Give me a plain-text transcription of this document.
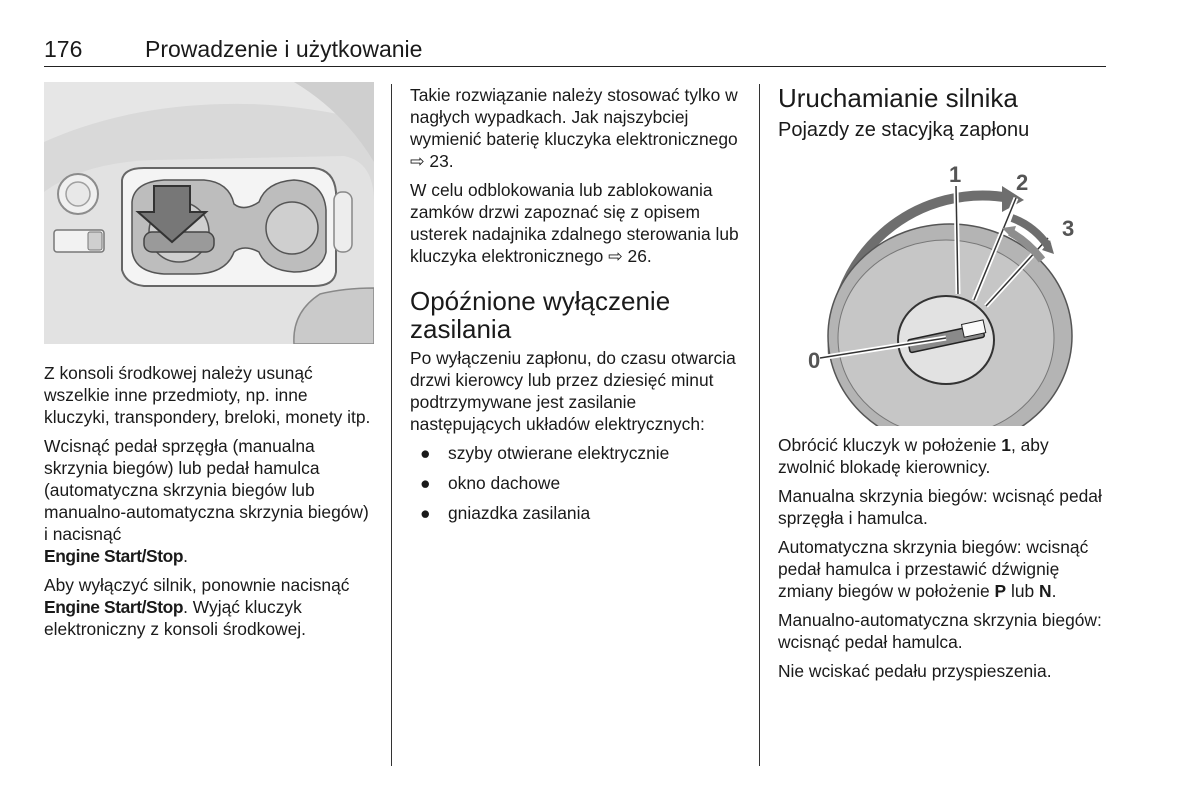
176	Prowadzenie i użytkowanie

Z konsoli środkowej należy usunąć wszelkie inne przedmioty, np. inne kluczyki, transpondery, breloki, monety itp.

Wcisnąć pedał sprzęgła (manualna skrzynia biegów) lub pedał hamulca (automatyczna skrzynia biegów lub manualno-automatyczna skrzynia biegów) i nacisnąć
Engine Start/Stop.

Aby wyłączyć silnik, ponownie nacisnąć Engine Start/Stop. Wyjąć kluczyk elektroniczny z konsoli środkowej.

Takie rozwiązanie należy stosować tylko w nagłych wypadkach. Jak najszybciej wymienić baterię kluczyka elektronicznego ⇨ 23.

W celu odblokowania lub zablokowania zamków drzwi zapoznać się z opisem usterek nadajnika zdalnego sterowania lub kluczyka elektronicznego ⇨ 26.

Opóźnione wyłączenie zasilania

Po wyłączeniu zapłonu, do czasu otwarcia drzwi kierowcy lub przez dziesięć minut podtrzymywane jest zasilanie następujących układów elektrycznych:

● szyby otwierane elektrycznie
● okno dachowe
● gniazdka zasilania
Uruchamianie silnika
Pojazdy ze stacyjką zapłonu
0
1 2
3

Obrócić kluczyk w położenie 1, aby zwolnić blokadę kierownicy.

Manualna skrzynia biegów: wcisnąć pedał sprzęgła i hamulca.

Automatyczna skrzynia biegów: wcisnąć pedał hamulca i przestawić dźwignię zmiany biegów w położenie P lub N.

Manualno-automatyczna skrzynia biegów: wcisnąć pedał hamulca.

Nie wciskać pedału przyspieszenia.
